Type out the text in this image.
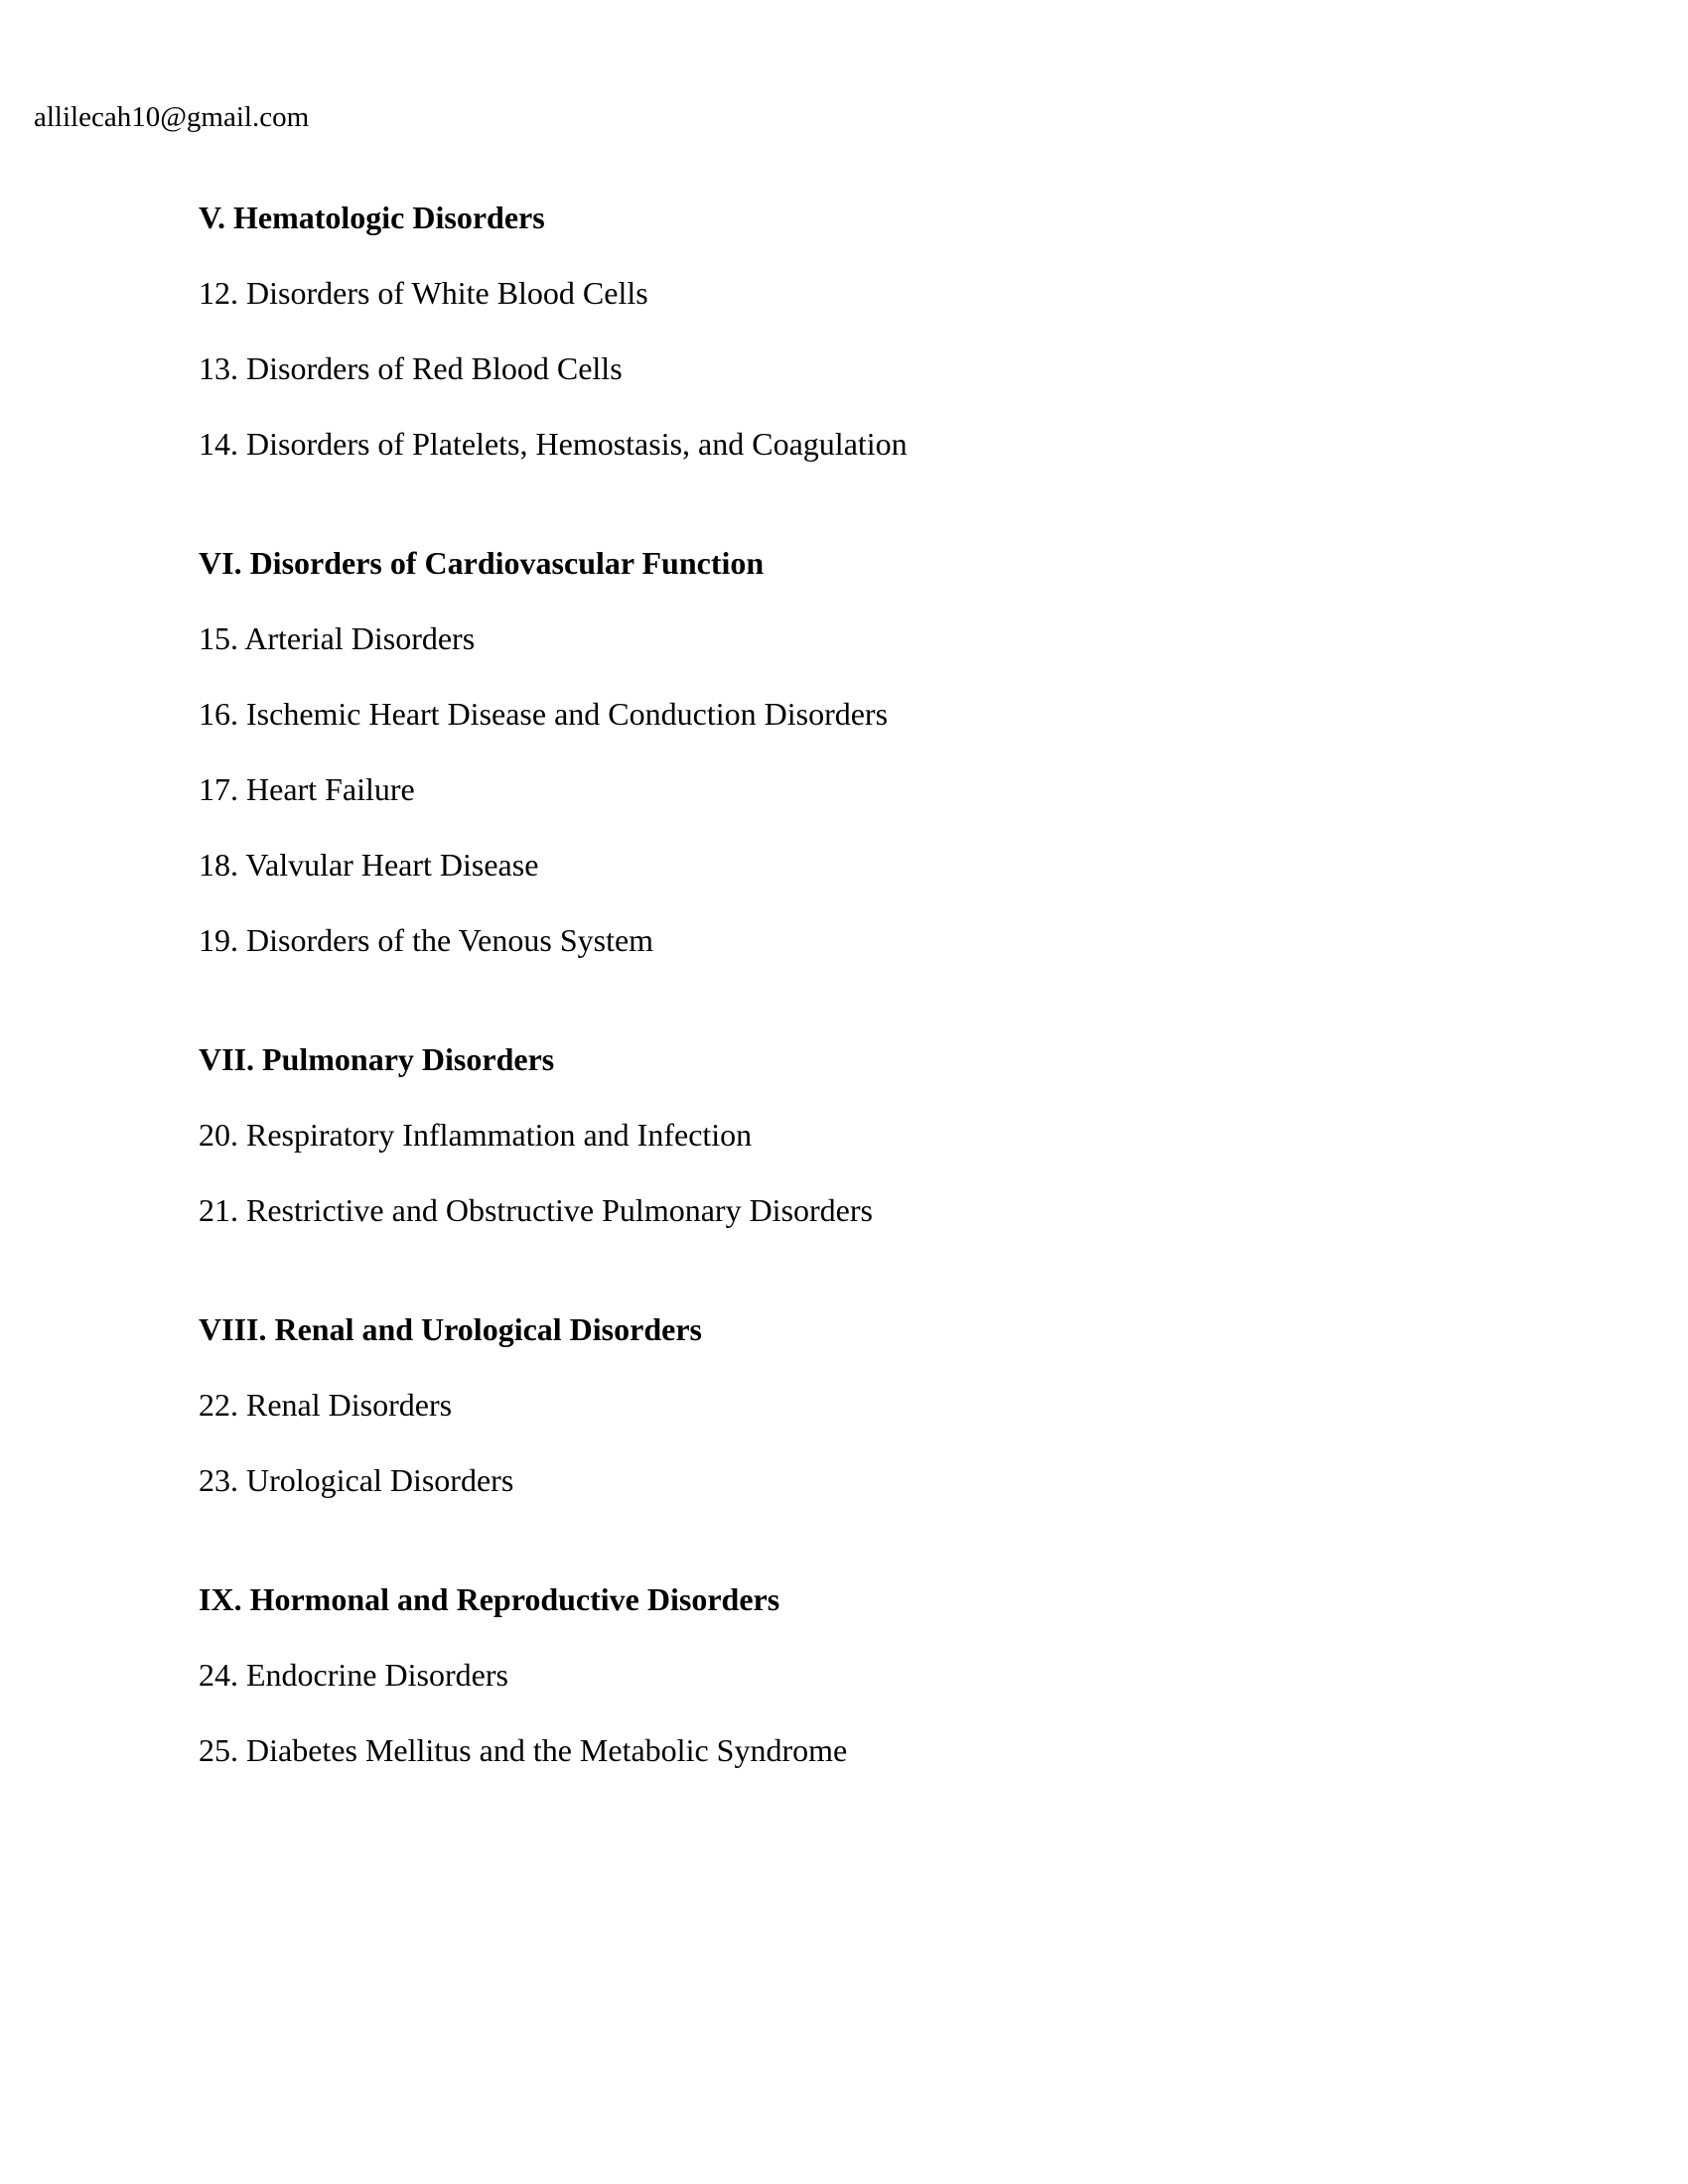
allilecah10@gmail.com
V. Hematologic Disorders
12. Disorders of White Blood Cells
13. Disorders of Red Blood Cells
14. Disorders of Platelets, Hemostasis, and Coagulation
VI. Disorders of Cardiovascular Function
15. Arterial Disorders
16. Ischemic Heart Disease and Conduction Disorders
17. Heart Failure
18. Valvular Heart Disease
19. Disorders of the Venous System
VII. Pulmonary Disorders
20. Respiratory Inflammation and Infection
21. Restrictive and Obstructive Pulmonary Disorders
VIII. Renal and Urological Disorders
22. Renal Disorders
23. Urological Disorders
IX. Hormonal and Reproductive Disorders
24. Endocrine Disorders
25. Diabetes Mellitus and the Metabolic Syndrome
